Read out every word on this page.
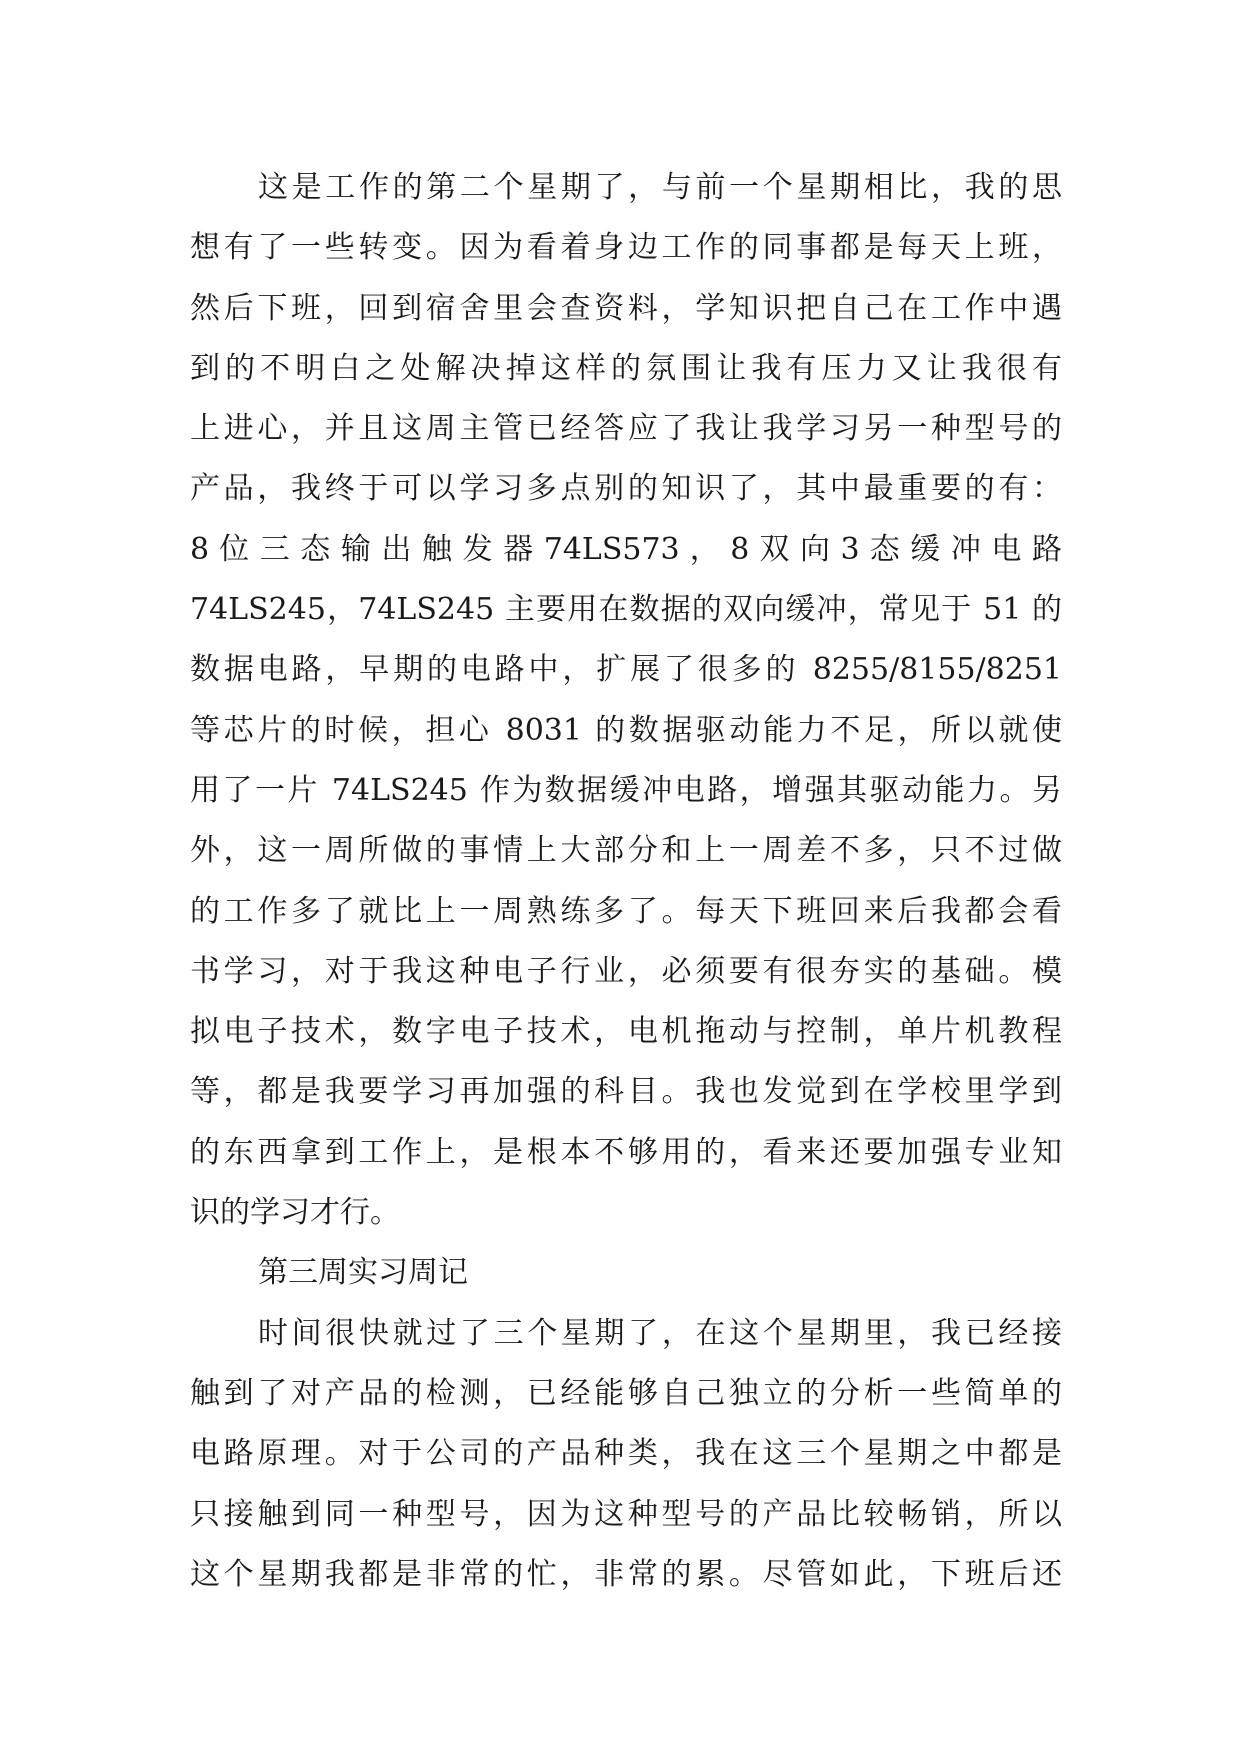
这是工作的第二个星期了，与前一个星期相比，我的思
想有了一些转变。因为看着身边工作的同事都是每天上班，
然后下班，回到宿舍里会查资料，学知识把自己在工作中遇
到的不明白之处解决掉这样的氛围让我有压力又让我很有
上进心，并且这周主管已经答应了我让我学习另一种型号的
产品，我终于可以学习多点别的知识了，其中最重要的有：
8 位 三 态 输 出 触 发 器 74LS573 ， 8 双 向 3 态 缓 冲 电 路
74LS245，74LS245 主要用在数据的双向缓冲，常见于 51 的
数据电路，早期的电路中，扩展了很多的 8255/8155/8251
等芯片的时候，担心 8031 的数据驱动能力不足，所以就使
用了一片 74LS245 作为数据缓冲电路，增强其驱动能力。另
外，这一周所做的事情上大部分和上一周差不多，只不过做
的工作多了就比上一周熟练多了。每天下班回来后我都会看
书学习，对于我这种电子行业，必须要有很夯实的基础。模
拟电子技术，数字电子技术，电机拖动与控制，单片机教程
等，都是我要学习再加强的科目。我也发觉到在学校里学到
的东西拿到工作上，是根本不够用的，看来还要加强专业知
识的学习才行。
第三周实习周记
时间很快就过了三个星期了，在这个星期里，我已经接
触到了对产品的检测，已经能够自己独立的分析一些简单的
电路原理。对于公司的产品种类，我在这三个星期之中都是
只接触到同一种型号，因为这种型号的产品比较畅销，所以
这个星期我都是非常的忙，非常的累。尽管如此，下班后还
